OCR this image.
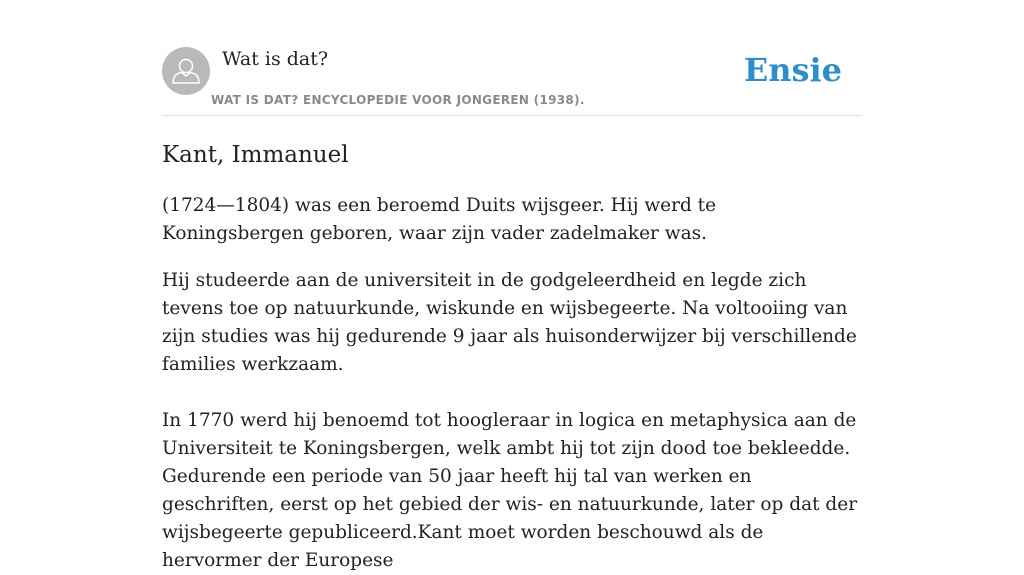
Wat is dat?
WAT IS DAT? ENCYCLOPEDIE VOOR JONGEREN (1938).
Ensie
Kant, Immanuel

(1724—1804) was een beroemd Duits wijsgeer. Hij werd te Koningsbergen geboren, waar zijn vader zadelmaker was.

Hij studeerde aan de universiteit in de godgeleerdheid en legde zich tevens toe op natuurkunde, wiskunde en wijsbegeerte. Na voltooiing van zijn studies was hij gedurende 9 jaar als huisonderwijzer bij verschillende families werkzaam.

In 1770 werd hij benoemd tot hoogleraar in logica en metaphysica aan de Universiteit te Koningsbergen, welk ambt hij tot zijn dood toe bekleedde. Gedurende een periode van 50 jaar heeft hij tal van werken en geschriften, eerst op het gebied der wis- en natuurkunde, later op dat der wijsbegeerte gepubliceerd.Kant moet worden beschouwd als de hervormer der Europese
